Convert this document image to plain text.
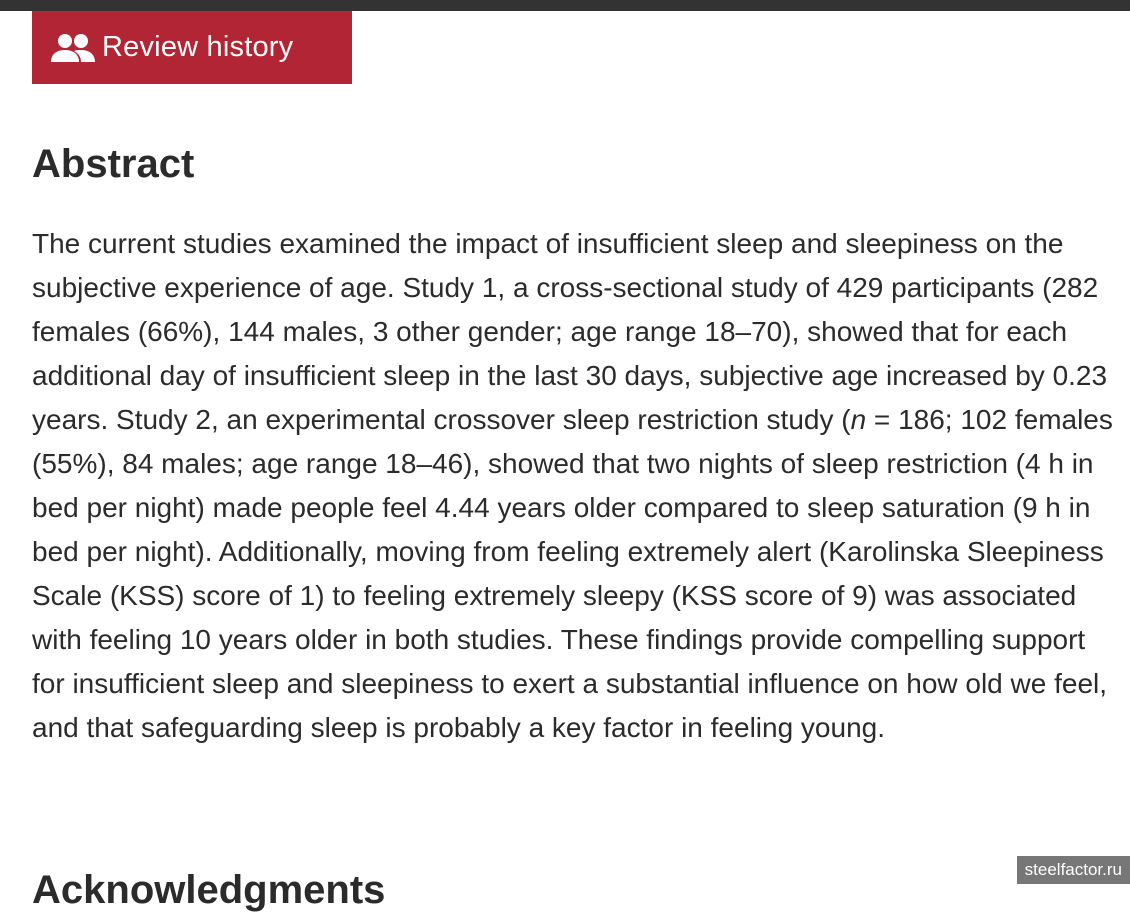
Review history
Abstract

The current studies examined the impact of insufficient sleep and sleepiness on the subjective experience of age. Study 1, a cross-sectional study of 429 participants (282 females (66%), 144 males, 3 other gender; age range 18–70), showed that for each additional day of insufficient sleep in the last 30 days, subjective age increased by 0.23 years. Study 2, an experimental crossover sleep restriction study (n = 186; 102 females (55%), 84 males; age range 18–46), showed that two nights of sleep restriction (4 h in bed per night) made people feel 4.44 years older compared to sleep saturation (9 h in bed per night). Additionally, moving from feeling extremely alert (Karolinska Sleepiness Scale (KSS) score of 1) to feeling extremely sleepy (KSS score of 9) was associated with feeling 10 years older in both studies. These findings provide compelling support for insufficient sleep and sleepiness to exert a substantial influence on how old we feel, and that safeguarding sleep is probably a key factor in feeling young.

Acknowledgments	steelfactor.ru
